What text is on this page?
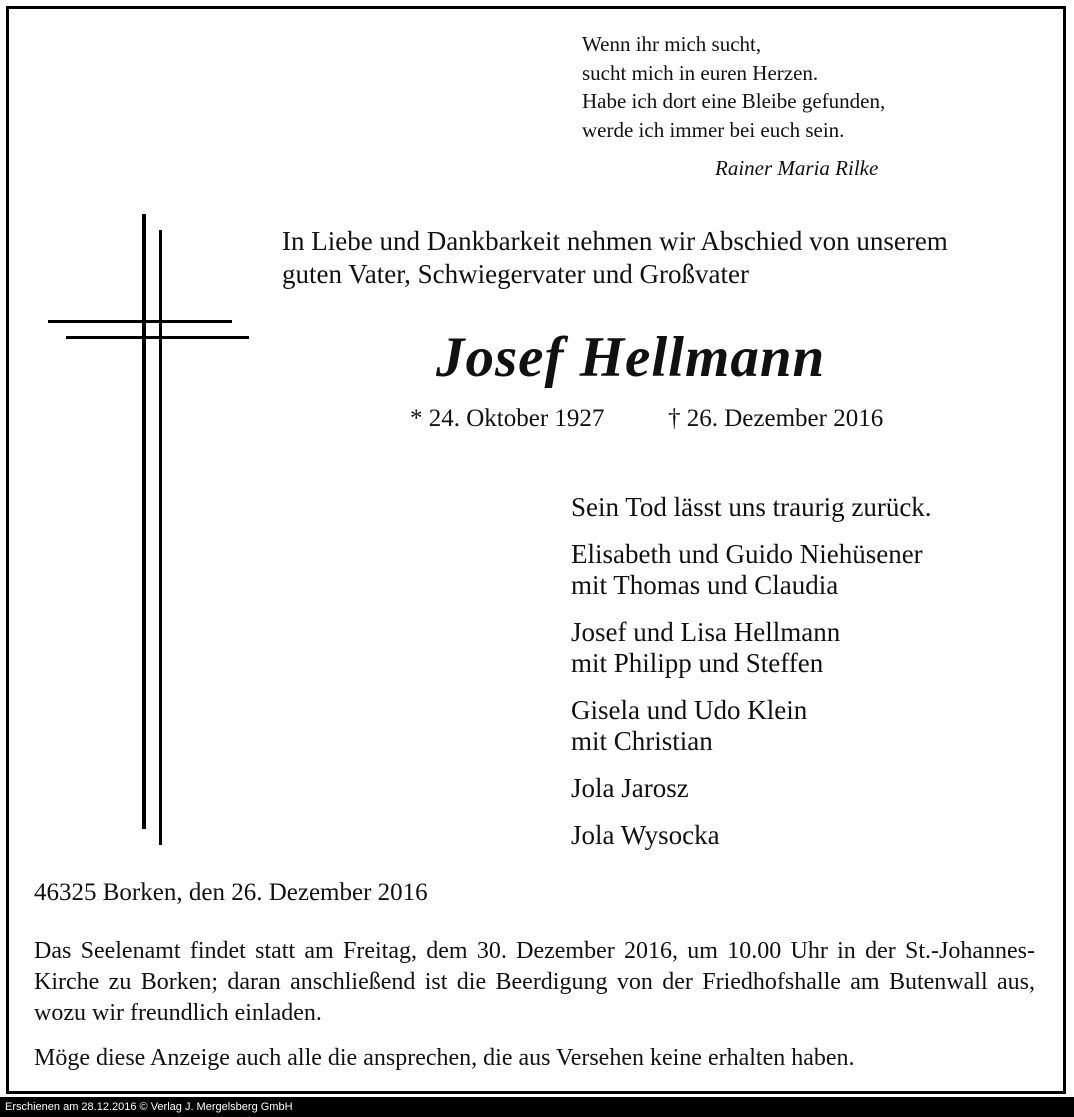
Wenn ihr mich sucht,
sucht mich in euren Herzen.
Habe ich dort eine Bleibe gefunden,
werde ich immer bei euch sein.
Rainer Maria Rilke
In Liebe und Dankbarkeit nehmen wir Abschied von unserem
guten Vater, Schwiegervater und Großvater
Josef Hellmann
* 24. Oktober 1927	† 26. Dezember 2016
Sein Tod lässt uns traurig zurück.
Elisabeth und Guido Niehüsener
mit Thomas und Claudia
Josef und Lisa Hellmann
mit Philipp und Steffen
Gisela und Udo Klein
mit Christian
Jola Jarosz
Jola Wysocka
46325 Borken, den 26. Dezember 2016
Das Seelenamt findet statt am Freitag, dem 30. Dezember 2016, um 10.00 Uhr in der St.-Johannes-Kirche zu Borken; daran anschließend ist die Beerdigung von der Friedhofshalle am Butenwall aus, wozu wir freundlich einladen.
Möge diese Anzeige auch alle die ansprechen, die aus Versehen keine erhalten haben.
Erschienen am 28.12.2016 © Verlag J. Mergelsberg GmbH
